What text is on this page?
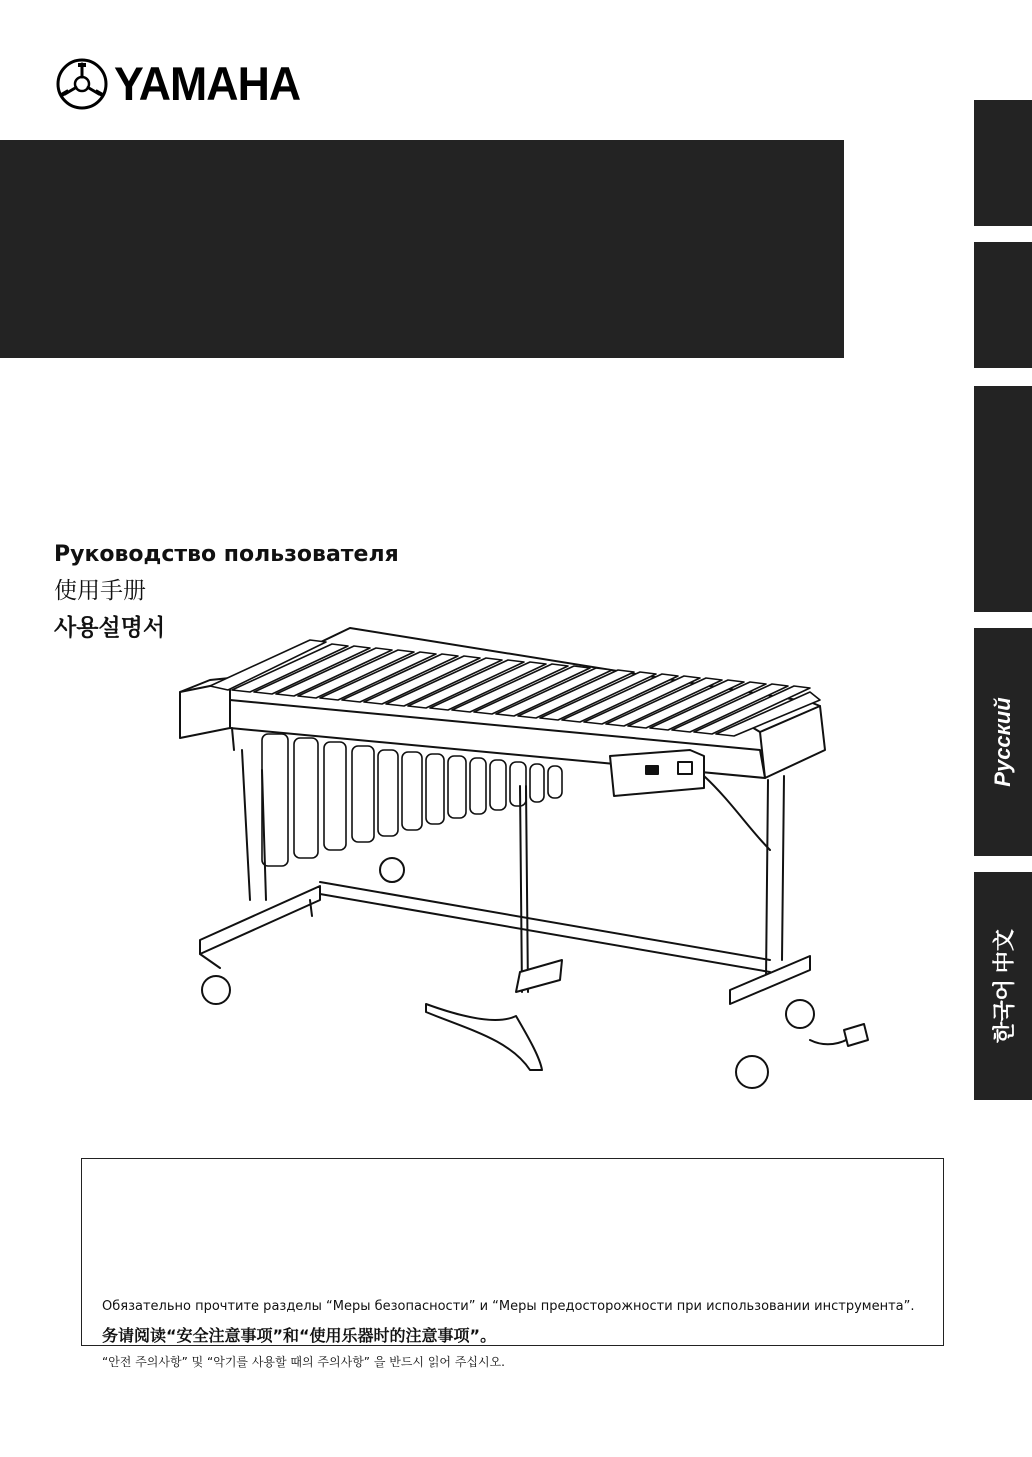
YAMAHA
Русский
한국어 中文
Руководство пользователя
使用手册
사용설명서
Обязательно прочтите разделы “Меры безопасности” и “Меры предосторожности при использовании инструмента”.
务请阅读“安全注意事项”和“使用乐器时的注意事项”。
“안전 주의사항” 및 “악기를 사용할 때의 주의사항” 을 반드시 읽어 주십시오.
